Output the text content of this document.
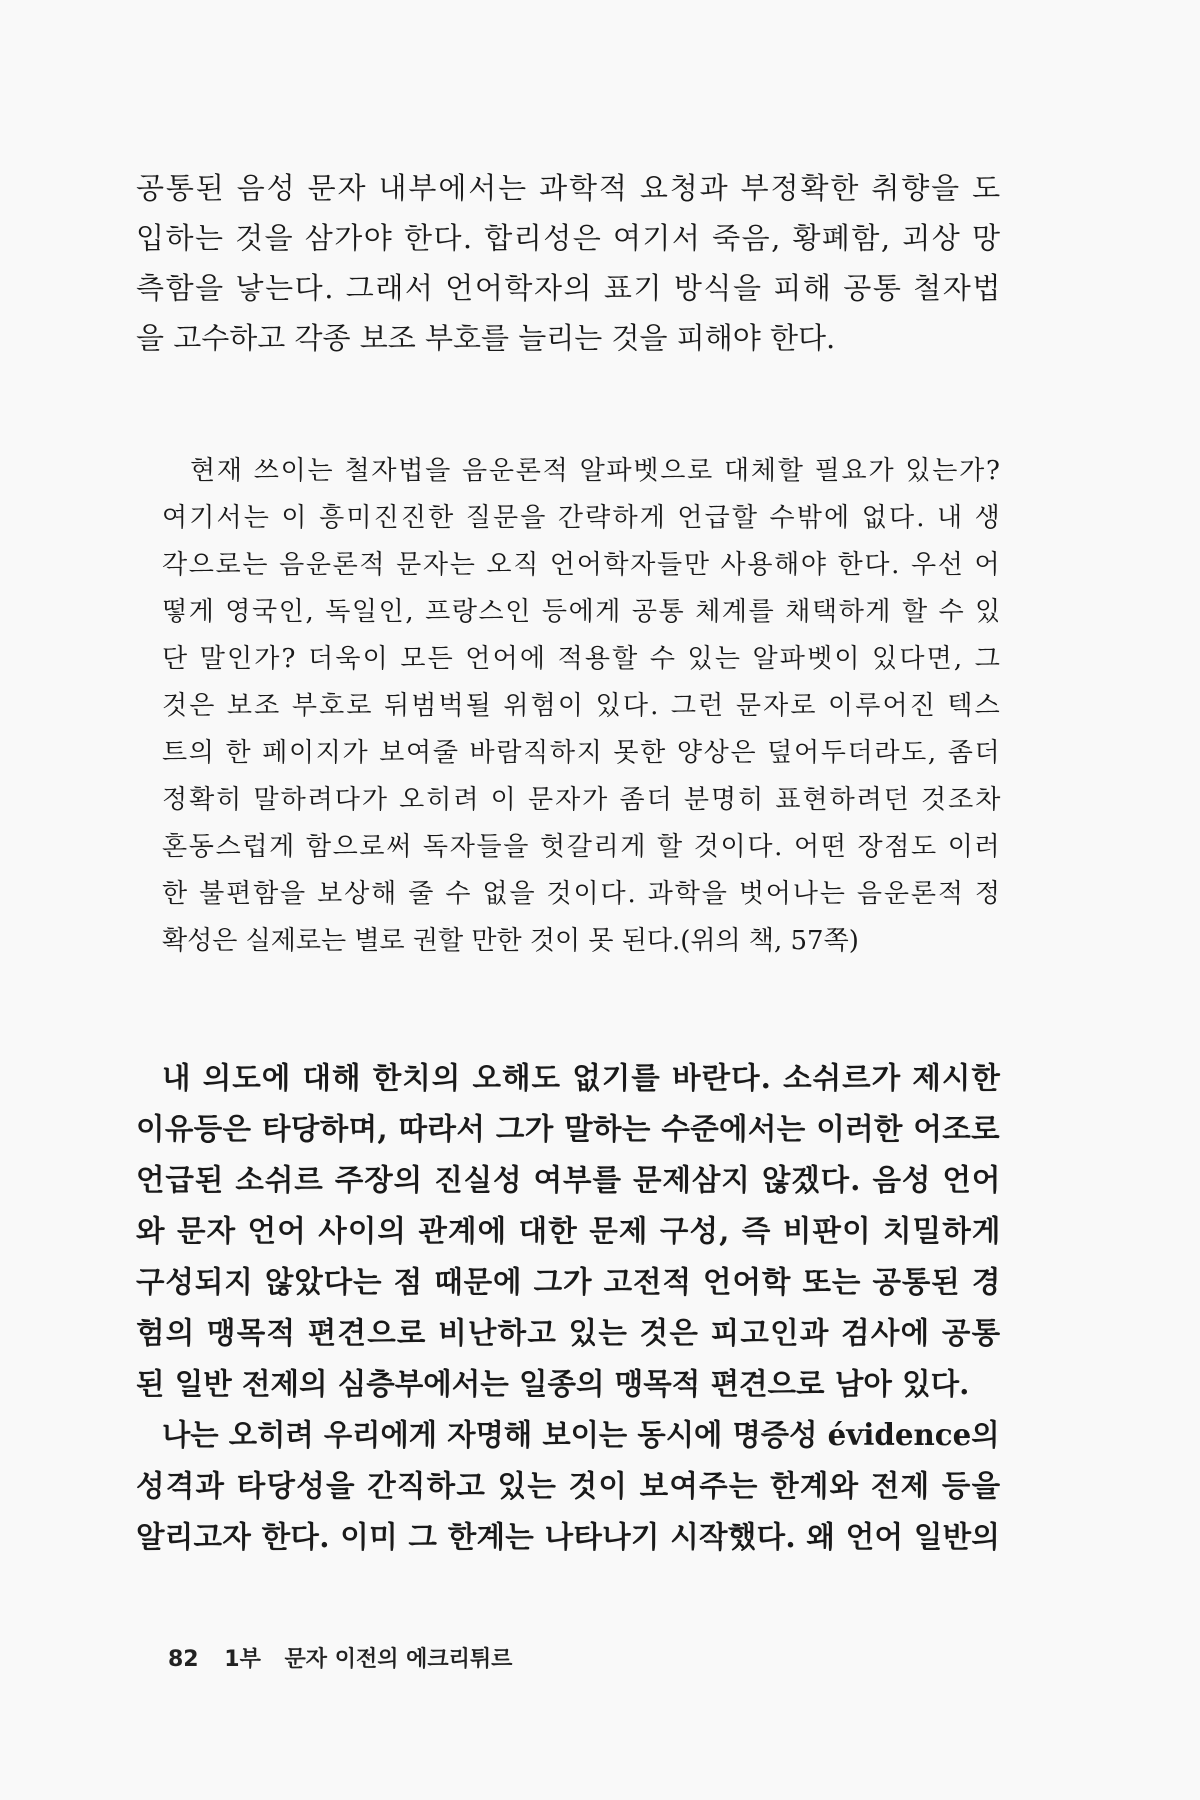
공통된 음성 문자 내부에서는 과학적 요청과 부정확한 취향을 도
입하는 것을 삼가야 한다. 합리성은 여기서 죽음, 황폐함, 괴상 망
측함을 낳는다. 그래서 언어학자의 표기 방식을 피해 공통 철자법
을 고수하고 각종 보조 부호를 늘리는 것을 피해야 한다.
현재 쓰이는 철자법을 음운론적 알파벳으로 대체할 필요가 있는가?
여기서는 이 흥미진진한 질문을 간략하게 언급할 수밖에 없다. 내 생
각으로는 음운론적 문자는 오직 언어학자들만 사용해야 한다. 우선 어
떻게 영국인, 독일인, 프랑스인 등에게 공통 체계를 채택하게 할 수 있
단 말인가? 더욱이 모든 언어에 적용할 수 있는 알파벳이 있다면, 그
것은 보조 부호로 뒤범벅될 위험이 있다. 그런 문자로 이루어진 텍스
트의 한 페이지가 보여줄 바람직하지 못한 양상은 덮어두더라도, 좀더
정확히 말하려다가 오히려 이 문자가 좀더 분명히 표현하려던 것조차
혼동스럽게 함으로써 독자들을 헛갈리게 할 것이다. 어떤 장점도 이러
한 불편함을 보상해 줄 수 없을 것이다. 과학을 벗어나는 음운론적 정
확성은 실제로는 별로 권할 만한 것이 못 된다.(위의 책, 57쪽)
내 의도에 대해 한치의 오해도 없기를 바란다. 소쉬르가 제시한
이유등은 타당하며, 따라서 그가 말하는 수준에서는 이러한 어조로
언급된 소쉬르 주장의 진실성 여부를 문제삼지 않겠다. 음성 언어
와 문자 언어 사이의 관계에 대한 문제 구성, 즉 비판이 치밀하게
구성되지 않았다는 점 때문에 그가 고전적 언어학 또는 공통된 경
험의 맹목적 편견으로 비난하고 있는 것은 피고인과 검사에 공통
된 일반 전제의 심층부에서는 일종의 맹목적 편견으로 남아 있다.
나는 오히려 우리에게 자명해 보이는 동시에 명증성 évidence의
성격과 타당성을 간직하고 있는 것이 보여주는 한계와 전제 등을
알리고자 한다. 이미 그 한계는 나타나기 시작했다. 왜 언어 일반의
82 1부 문자 이전의 에크리튀르
